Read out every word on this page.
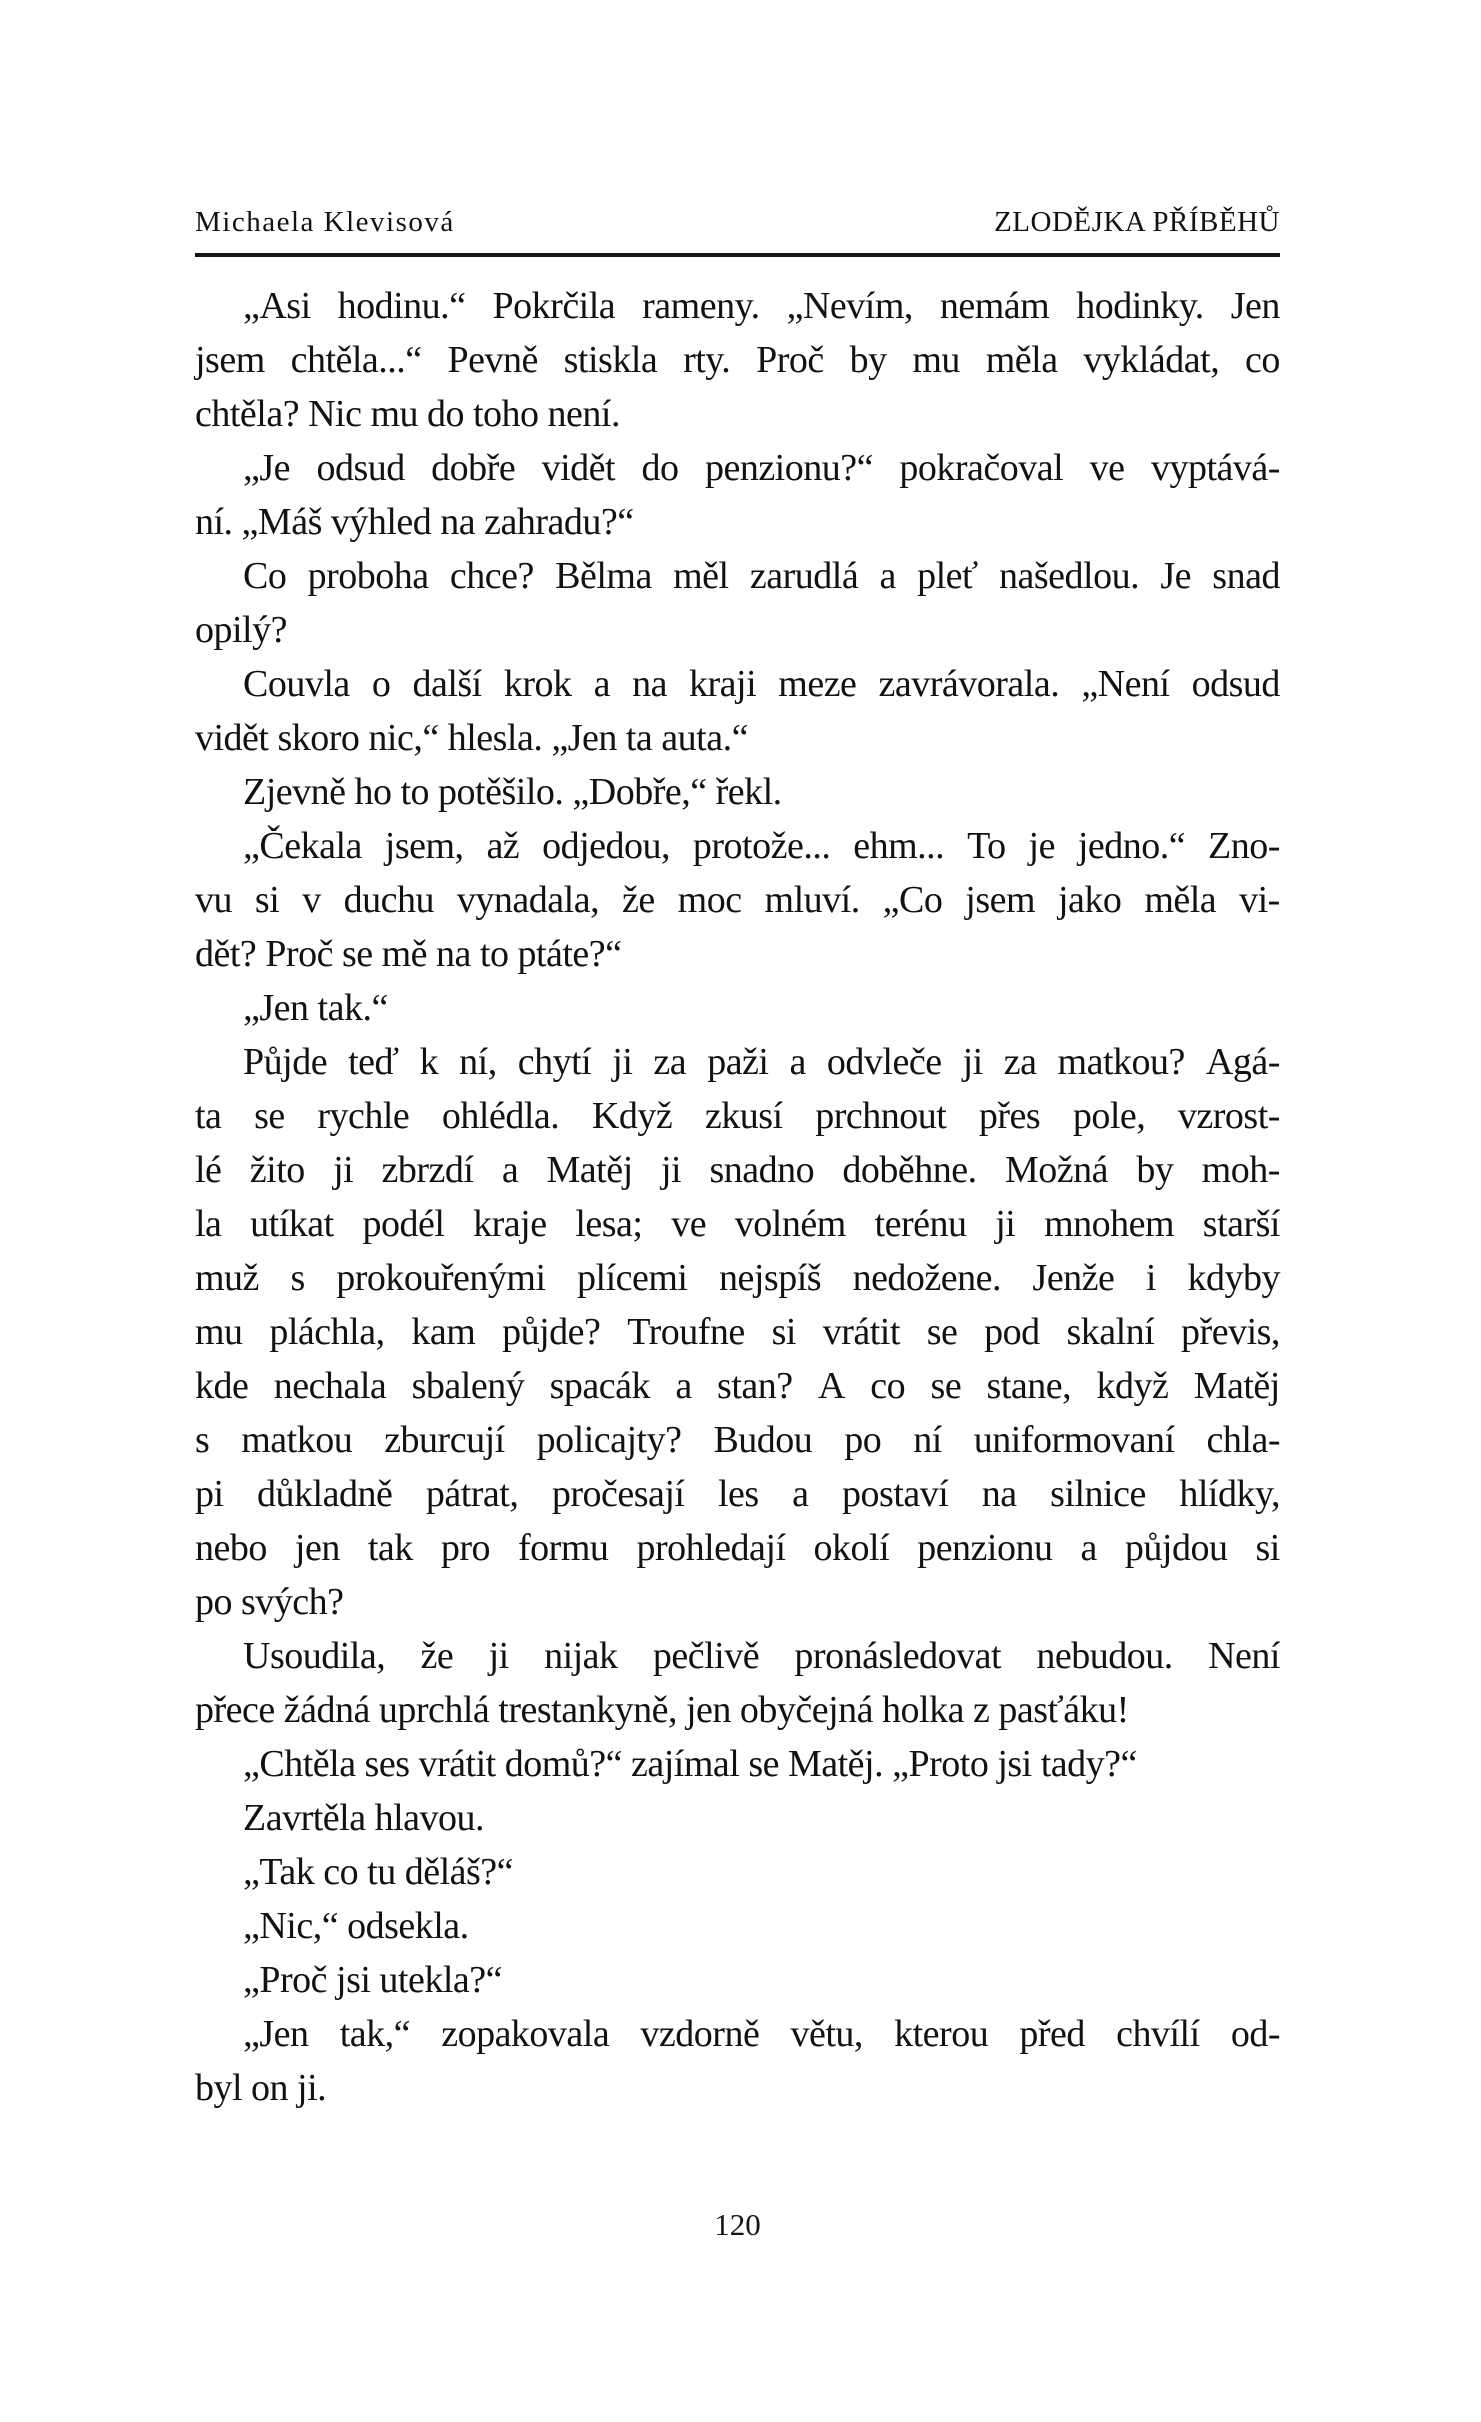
Michaela Klevisová	ZLODĚJKA PŘÍBĚHŮ
„Asi hodinu.“ Pokrčila rameny. „Nevím, nemám hodinky. Jen
jsem chtěla...“ Pevně stiskla rty. Proč by mu měla vykládat, co
chtěla? Nic mu do toho není.
„Je odsud dobře vidět do penzionu?“ pokračoval ve vyptává-
ní. „Máš výhled na zahradu?“
Co proboha chce? Bělma měl zarudlá a pleť našedlou. Je snad
opilý?
Couvla o další krok a na kraji meze zavrávorala. „Není odsud
vidět skoro nic,“ hlesla. „Jen ta auta.“
Zjevně ho to potěšilo. „Dobře,“ řekl.
„Čekala jsem, až odjedou, protože... ehm... To je jedno.“ Zno-
vu si v duchu vynadala, že moc mluví. „Co jsem jako měla vi-
dět? Proč se mě na to ptáte?“
„Jen tak.“
Půjde teď k ní, chytí ji za paži a odvleče ji za matkou? Agá-
ta se rychle ohlédla. Když zkusí prchnout přes pole, vzrost-
lé žito ji zbrzdí a Matěj ji snadno doběhne. Možná by moh-
la utíkat podél kraje lesa; ve volném terénu ji mnohem starší
muž s prokouřenými plícemi nejspíš nedožene. Jenže i kdyby
mu pláchla, kam půjde? Troufne si vrátit se pod skalní převis,
kde nechala sbalený spacák a stan? A co se stane, když Matěj
s matkou zburcují policajty? Budou po ní uniformovaní chla-
pi důkladně pátrat, pročesají les a postaví na silnice hlídky,
nebo jen tak pro formu prohledají okolí penzionu a půjdou si
po svých?
Usoudila, že ji nijak pečlivě pronásledovat nebudou. Není
přece žádná uprchlá trestankyně, jen obyčejná holka z pasťáku!
„Chtěla ses vrátit domů?“ zajímal se Matěj. „Proto jsi tady?“
Zavrtěla hlavou.
„Tak co tu děláš?“
„Nic,“ odsekla.
„Proč jsi utekla?“
„Jen tak,“ zopakovala vzdorně větu, kterou před chvílí od-
byl on ji.
120
